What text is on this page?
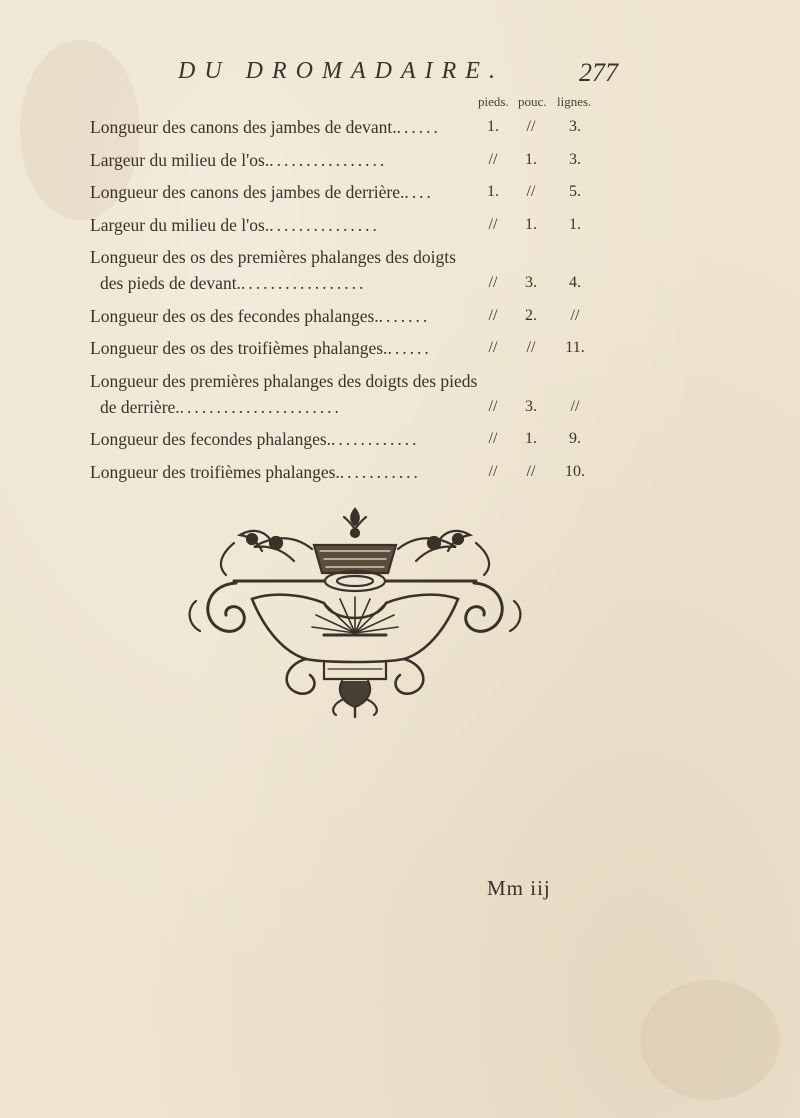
DU DROMADAIRE.	277
pieds. pouc. lignes.
Longueur des canons des jambes de devant.......	1.	//	3.
Largeur du milieu de l'os.................	//	1.	3.
Longueur des canons des jambes de derrière.....	1.	//	5.
Largeur du milieu de l'os................	//	1.	1.
Longueur des os des premières phalanges des doigts
des pieds de devant..................	//	3.	4.
Longueur des os des fecondes phalanges........	//	2.	//
Longueur des os des troifièmes phalanges.......	//	//	11.
Longueur des premières phalanges des doigts des pieds
de derrière.......................	//	3.	//
Longueur des fecondes phalanges.............	//	1.	9.
Longueur des troifièmes phalanges............	//	//	10.
Mm iij
